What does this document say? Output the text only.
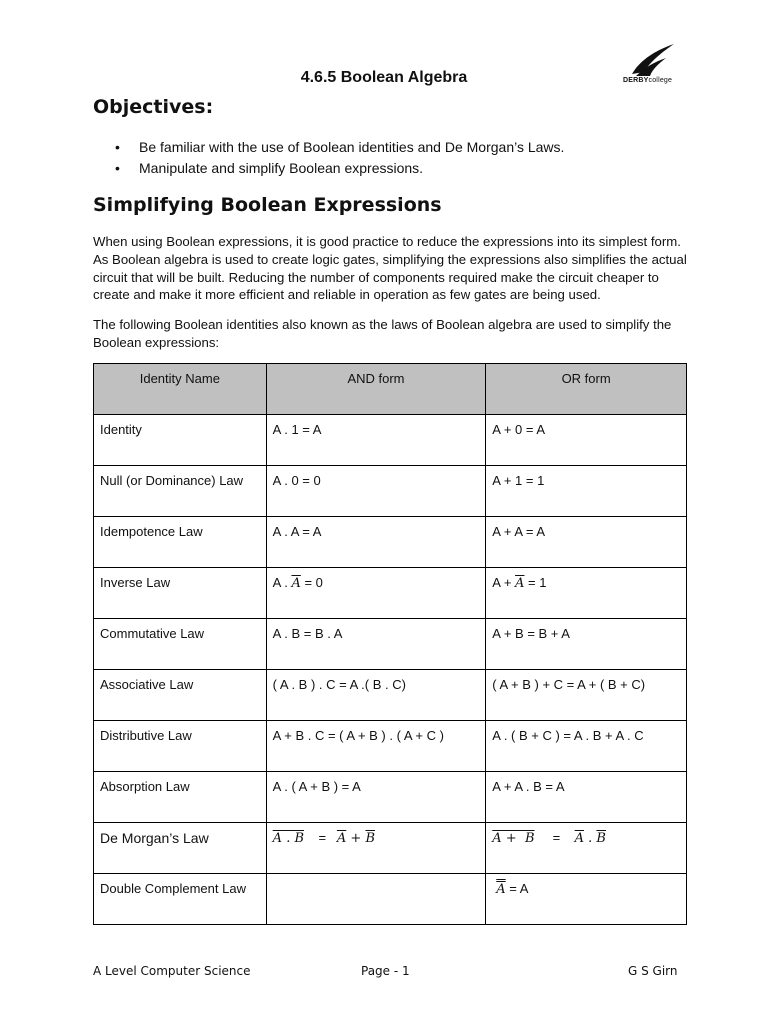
4.6.5 Boolean Algebra	DERBYcollege
Objectives:
• Be familiar with the use of Boolean identities and De Morgan’s Laws.
• Manipulate and simplify Boolean expressions.
Simplifying Boolean Expressions

When using Boolean expressions, it is good practice to reduce the expressions into its simplest form. As Boolean algebra is used to create logic gates, simplifying the expressions also simplifies the actual circuit that will be built. Reducing the number of components required make the circuit cheaper to create and make it more efficient and reliable in operation as few gates are being used.

The following Boolean identities also known as the laws of Boolean algebra are used to simplify the Boolean expressions:

Identity Name	AND form	OR form
Identity	A . 1 = A	A + 0 = A
Null (or Dominance) Law	A . 0 = 0	A + 1 = 1
Idempotence Law	A . A = A	A + A = A
Inverse Law	A . $\overline{A} = 0$	$A + \overline{A} = 1$
Commutative Law	A . B = B . A	A + B = B + A
Associative Law	( A . B ) . C = A .( B . C)	( A + B ) + C = A + ( B + C)
Distributive Law	A + B . C = ( A + B ) . ( A + C )	A . ( B + C ) = A . B + A . C
Absorption Law	A . ( A + B ) = A	A + A . B = A
De Morgan’s Law	A . $B = \overline{A} + \overline{B}$	$A + B = \overline{A}$ . $\overline{B}$
Double Complement Law		A = A
A Level Computer Science	Page - 1	G S Girn
